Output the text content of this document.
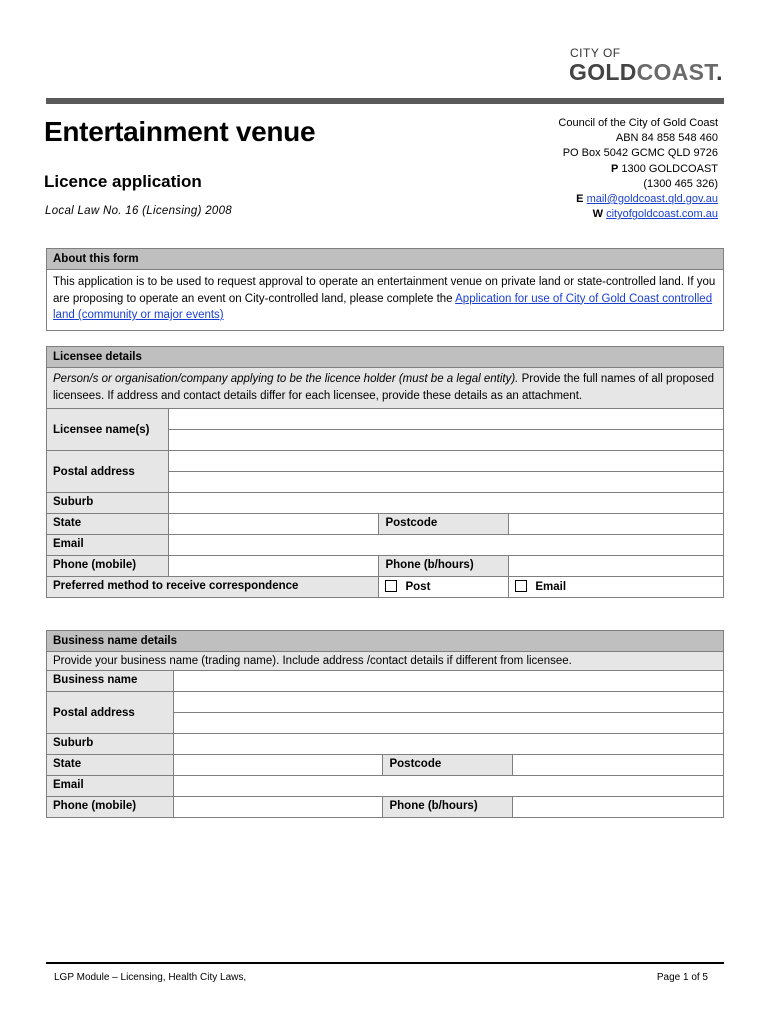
CITY OF
GOLDCOAST.
Entertainment venue
Licence application
Local Law No. 16 (Licensing) 2008
Council of the City of Gold Coast
ABN 84 858 548 460
PO Box 5042 GCMC QLD 9726
P 1300 GOLDCOAST
(1300 465 326)
E mail@goldcoast.qld.gov.au
W cityofgoldcoast.com.au
About this form
This application is to be used to request approval to operate an entertainment venue on private land or state-controlled land. If you are proposing to operate an event on City-controlled land, please complete the Application for use of City of Gold Coast controlled land (community or major events)
Licensee details			
Person/s or organisation/company applying to be the licence holder (must be a legal entity). Provide the full names of all proposed licensees. If address and contact details differ for each licensee, provide these details as an attachment.			
Licensee name(s)			

Postal address			

Suburb			
State		Postcode	
Email			
Phone (mobile)		Phone (b/hours)	
Preferred method to receive correspondence		Post	Email
Business name details			
Provide your business name (trading name). Include address /contact details if different from licensee.			
Business name			
Postal address			

Suburb			
State		Postcode	
Email			
Phone (mobile)		Phone (b/hours)	
LGP Module – Licensing, Health City Laws,	Page 1 of 5
